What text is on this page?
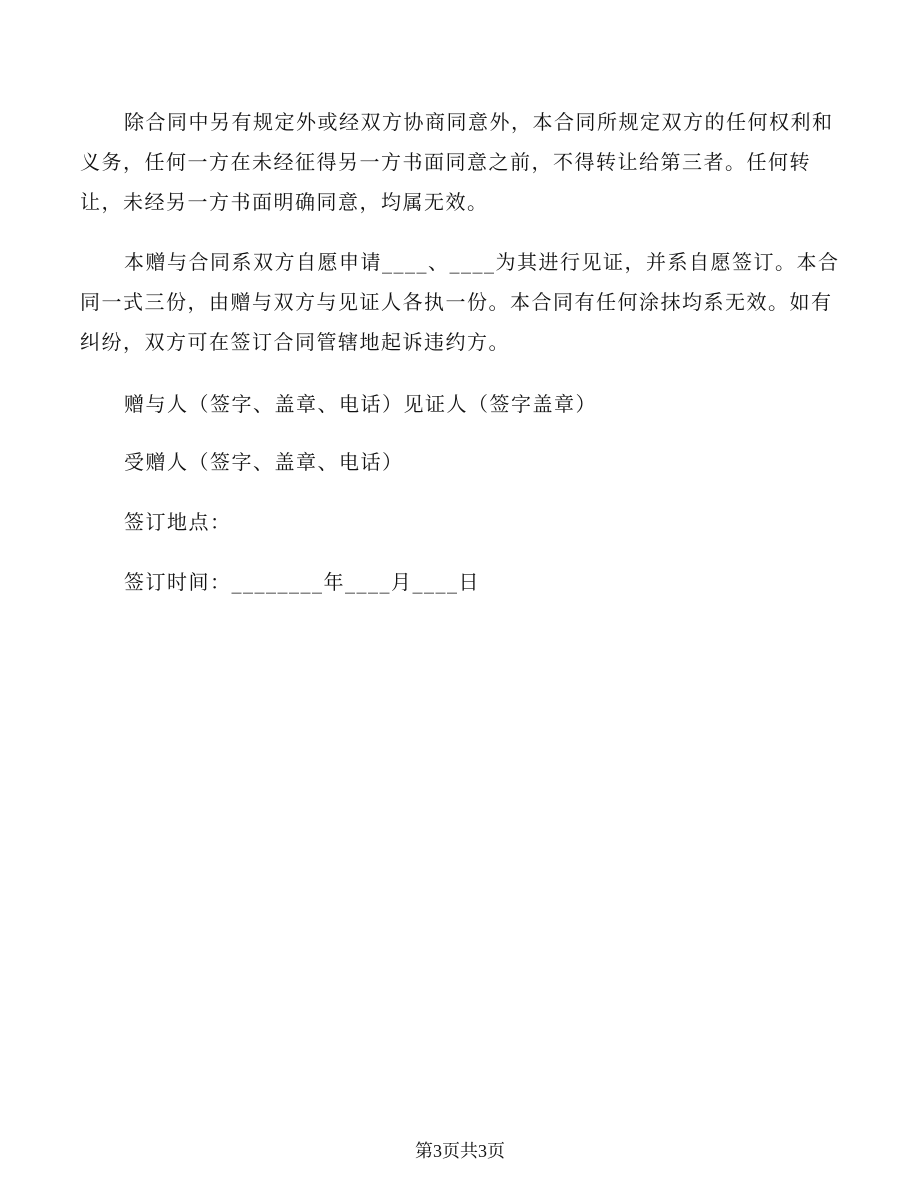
除合同中另有规定外或经双方协商同意外，本合同所规定双方的任何权利和义务，任何一方在未经征得另一方书面同意之前，不得转让给第三者。任何转让，未经另一方书面明确同意，均属无效。

本赠与合同系双方自愿申请____、____为其进行见证，并系自愿签订。本合同一式三份，由赠与双方与见证人各执一份。本合同有任何涂抹均系无效。如有纠纷，双方可在签订合同管辖地起诉违约方。

赠与人（签字、盖章、电话）见证人（签字盖章）

受赠人（签字、盖章、电话）

签订地点：

签订时间：________年____月____日

第3页共3页
